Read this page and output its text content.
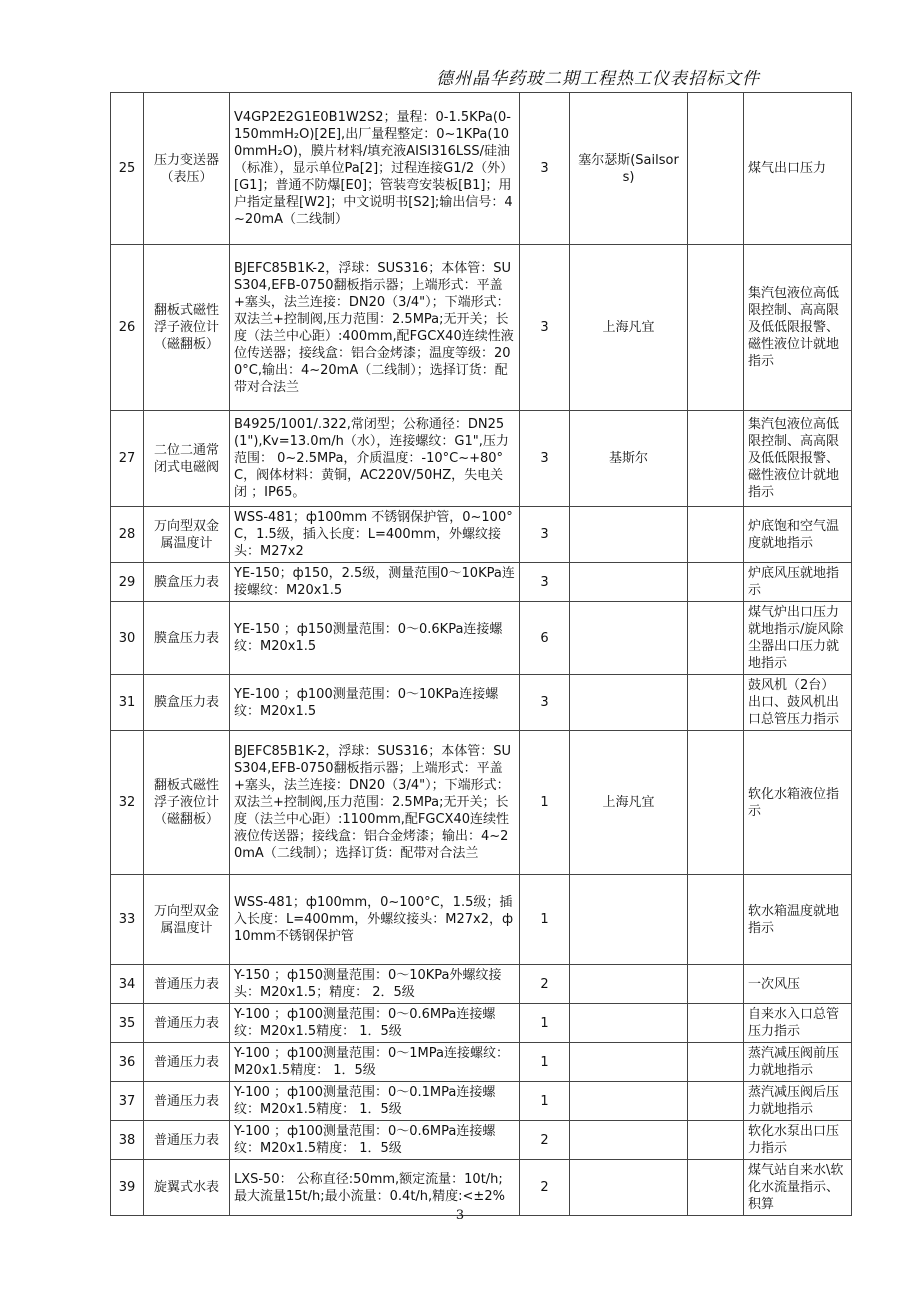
德州晶华药玻二期工程热工仪表招标文件
25	压力变送器（表压）	V4GP2E2G1E0B1W2S2；量程：0-1.5KPa(0-150mmH₂O)[2E],出厂量程整定：0~1KPa(100mmH₂O)，膜片材料/填充液AISI316LSS/硅油（标准），显示单位Pa[2]；过程连接G1/2（外）[G1]；普通不防爆[E0]；管装弯安装板[B1]；用户指定量程[W2]；中文说明书[S2];输出信号：4~20mA（二线制）	3	塞尔瑟斯(Sailsors)		煤气出口压力
26	翻板式磁性浮子液位计（磁翻板）	BJEFC85B1K-2，浮球：SUS316；本体管：SUS304,EFB-0750翻板指示器；上端形式：平盖+塞头，法兰连接：DN20（3/4"）；下端形式：双法兰+控制阀,压力范围：2.5MPa;无开关；长度（法兰中心距）:400mm,配FGCX40连续性液位传送器；接线盒：铝合金烤漆；温度等级：200°C,输出：4~20mA（二线制）；选择订货：配带对合法兰	3	上海凡宜		集汽包液位高低限控制、高高限及低低限报警、磁性液位计就地指示
27	二位二通常闭式电磁阀	B4925/1001/.322,常闭型；公称通径：DN25 (1"),Kv=13.0m/h（水），连接螺纹：G1",压力范围： 0~2.5MPa，介质温度：-10°C~+80°C，阀体材料：黄铜，AC220V/50HZ，失电关闭 ；IP65。	3	基斯尔		集汽包液位高低限控制、高高限及低低限报警、磁性液位计就地指示
28	万向型双金属温度计	WSS-481；ф100mm 不锈钢保护管，0~100°C，1.5级，插入长度：L=400mm，外螺纹接头：M27x2	3			炉底饱和空气温度就地指示
29	膜盒压力表	YE-150；ф150，2.5级，测量范围0～10KPa连接螺纹：M20x1.5	3			炉底风压就地指示
30	膜盒压力表	YE-150 ；ф150测量范围：0～0.6KPa连接螺纹：M20x1.5	6			煤气炉出口压力就地指示/旋风除尘器出口压力就地指示
31	膜盒压力表	YE-100 ；ф100测量范围：0～10KPa连接螺纹：M20x1.5	3			鼓风机（2台）出口、鼓风机出口总管压力指示
32	翻板式磁性浮子液位计（磁翻板）	BJEFC85B1K-2，浮球：SUS316；本体管：SUS304,EFB-0750翻板指示器；上端形式：平盖+塞头，法兰连接：DN20（3/4"）；下端形式：双法兰+控制阀,压力范围：2.5MPa;无开关；长度（法兰中心距）:1100mm,配FGCX40连续性液位传送器；接线盒：铝合金烤漆；输出：4~20mA（二线制）；选择订货：配带对合法兰	1	上海凡宜		软化水箱液位指示
33	万向型双金属温度计	WSS-481；ф100mm，0~100°C，1.5级；插入长度：L=400mm，外螺纹接头：M27x2，ф10mm不锈钢保护管	1			软水箱温度就地指示
34	普通压力表	Y-150 ；ф150测量范围：0～10KPa外螺纹接头：M20x1.5；精度： 2．5级	2			一次风压
35	普通压力表	Y-100 ；ф100测量范围：0～0.6MPa连接螺纹：M20x1.5精度： 1．5级	1			自来水入口总管压力指示
36	普通压力表	Y-100 ；ф100测量范围：0～1MPa连接螺纹：M20x1.5精度： 1．5级	1			蒸汽减压阀前压力就地指示
37	普通压力表	Y-100 ；ф100测量范围：0～0.1MPa连接螺纹：M20x1.5精度： 1．5级	1			蒸汽减压阀后压力就地指示
38	普通压力表	Y-100 ；ф100测量范围：0～0.6MPa连接螺纹：M20x1.5精度： 1．5级	2			软化水泵出口压力指示
39	旋翼式水表	LXS-50： 公称直径:50mm,额定流量：10t/h;最大流量15t/h;最小流量：0.4t/h,精度:<±2%	2			煤气站自来水\软化水流量指示、积算
3
